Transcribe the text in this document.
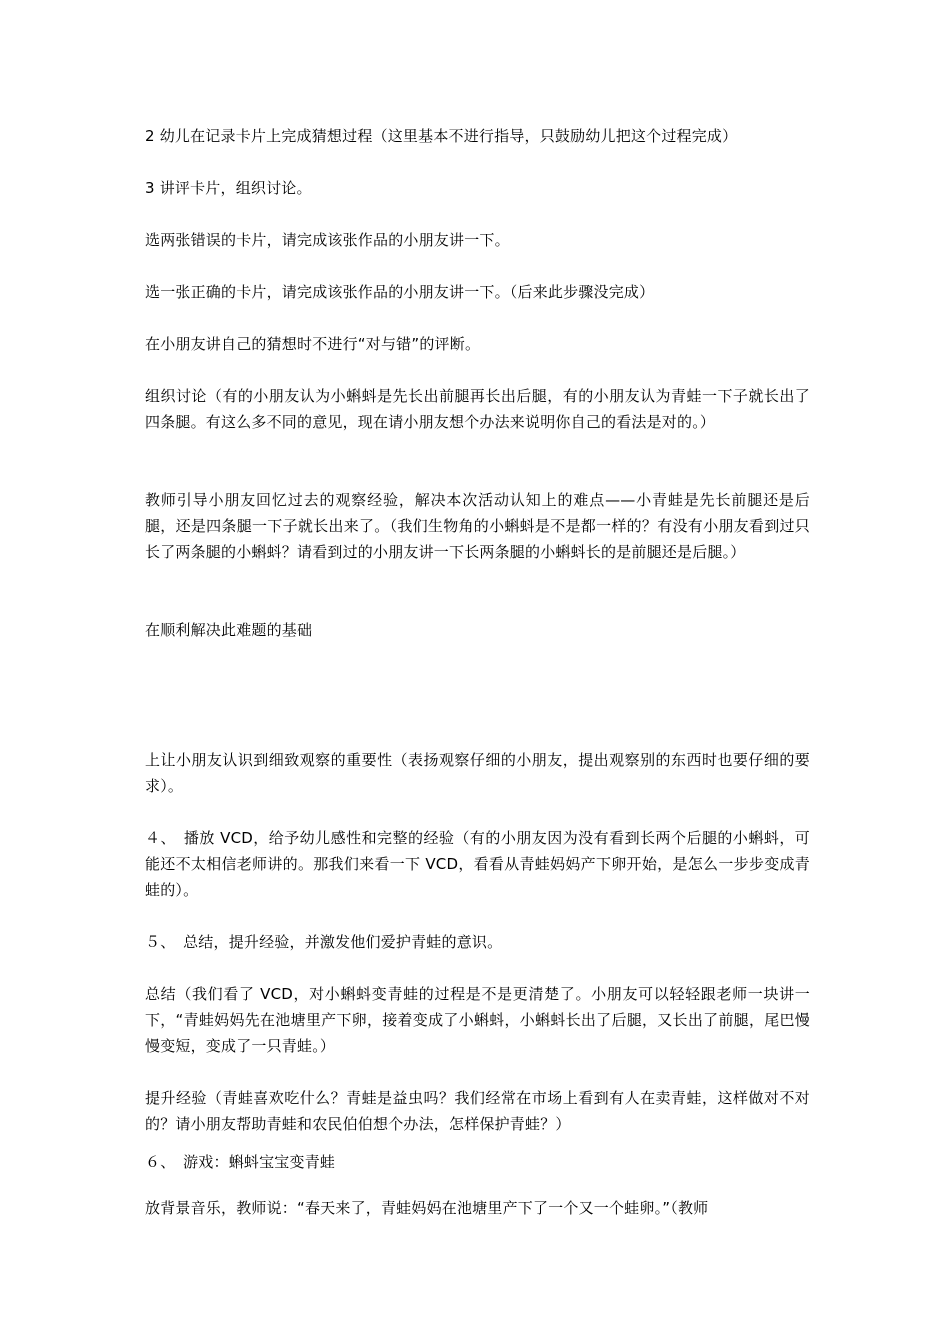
2 幼儿在记录卡片上完成猜想过程（这里基本不进行指导，只鼓励幼儿把这个过程完成）

3 讲评卡片，组织讨论。

选两张错误的卡片，请完成该张作品的小朋友讲一下。

选一张正确的卡片，请完成该张作品的小朋友讲一下。（后来此步骤没完成）

在小朋友讲自己的猜想时不进行“对与错”的评断。

组织讨论（有的小朋友认为小蝌蚪是先长出前腿再长出后腿，有的小朋友认为青蛙一下子就长出了四条腿。有这么多不同的意见，现在请小朋友想个办法来说明你自己的看法是对的。）

教师引导小朋友回忆过去的观察经验，解决本次活动认知上的难点——小青蛙是先长前腿还是后腿，还是四条腿一下子就长出来了。（我们生物角的小蝌蚪是不是都一样的？有没有小朋友看到过只长了两条腿的小蝌蚪？请看到过的小朋友讲一下长两条腿的小蝌蚪长的是前腿还是后腿。）

在顺利解决此难题的基础

上让小朋友认识到细致观察的重要性（表扬观察仔细的小朋友，提出观察别的东西时也要仔细的要求）。

４、　播放 VCD，给予幼儿感性和完整的经验（有的小朋友因为没有看到长两个后腿的小蝌蚪，可能还不太相信老师讲的。那我们来看一下 VCD，看看从青蛙妈妈产下卵开始，是怎么一步步变成青蛙的）。

５、　总结，提升经验，并激发他们爱护青蛙的意识。

总结（我们看了 VCD，对小蝌蚪变青蛙的过程是不是更清楚了。小朋友可以轻轻跟老师一块讲一下，“青蛙妈妈先在池塘里产下卵，接着变成了小蝌蚪，小蝌蚪长出了后腿，又长出了前腿，尾巴慢慢变短，变成了一只青蛙。）

提升经验（青蛙喜欢吃什么？青蛙是益虫吗？我们经常在市场上看到有人在卖青蛙，这样做对不对的？请小朋友帮助青蛙和农民伯伯想个办法，怎样保护青蛙？）

６、　游戏：蝌蚪宝宝变青蛙

放背景音乐，教师说：“春天来了，青蛙妈妈在池塘里产下了一个又一个蛙卵。”（教师
